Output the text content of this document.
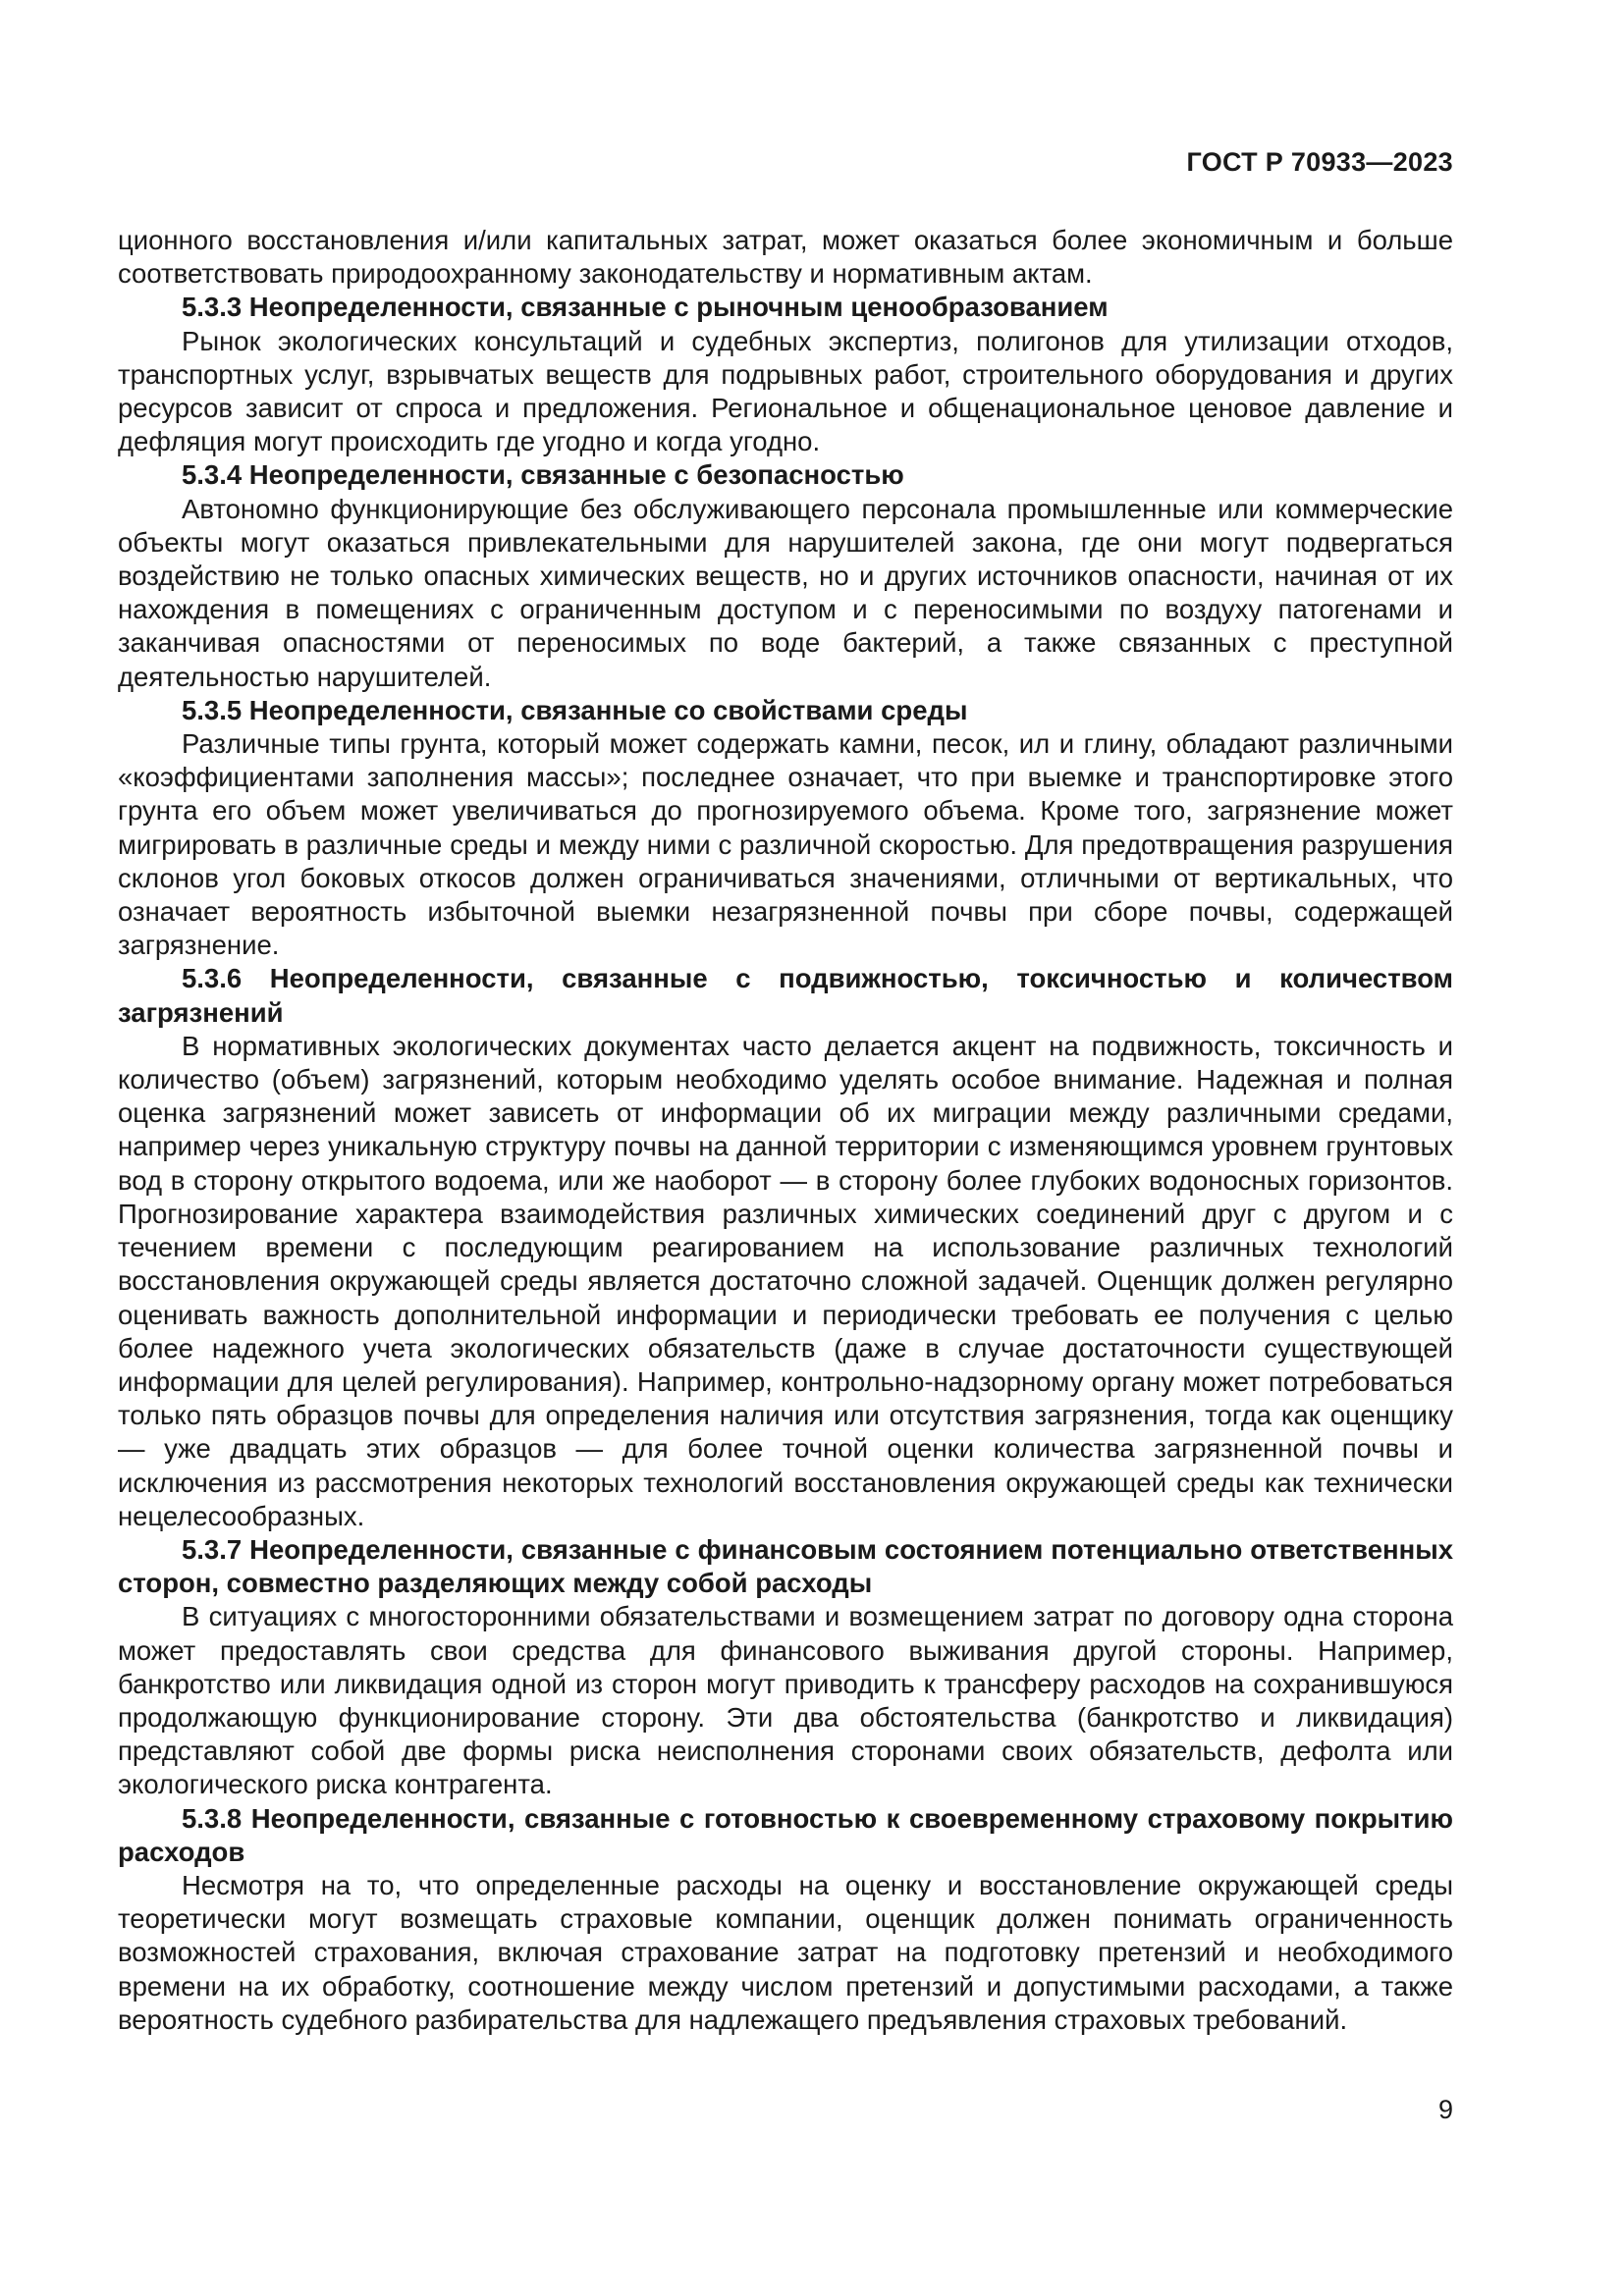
ГОСТ Р 70933—2023

ционного восстановления и/или капитальных затрат, может оказаться более экономичным и больше соответствовать природоохранному законодательству и нормативным актам.

5.3.3 Неопределенности, связанные с рыночным ценообразованием

Рынок экологических консультаций и судебных экспертиз, полигонов для утилизации отходов, транспортных услуг, взрывчатых веществ для подрывных работ, строительного оборудования и других ресурсов зависит от спроса и предложения. Региональное и общенациональное ценовое давление и дефляция могут происходить где угодно и когда угодно.

5.3.4 Неопределенности, связанные с безопасностью

Автономно функционирующие без обслуживающего персонала промышленные или коммерческие объекты могут оказаться привлекательными для нарушителей закона, где они могут подвергаться воздействию не только опасных химических веществ, но и других источников опасности, начиная от их нахождения в помещениях с ограниченным доступом и с переносимыми по воздуху патогенами и заканчивая опасностями от переносимых по воде бактерий, а также связанных с преступной деятельностью нарушителей.

5.3.5 Неопределенности, связанные со свойствами среды

Различные типы грунта, который может содержать камни, песок, ил и глину, обладают различными «коэффициентами заполнения массы»; последнее означает, что при выемке и транспортировке этого грунта его объем может увеличиваться до прогнозируемого объема. Кроме того, загрязнение может мигрировать в различные среды и между ними с различной скоростью. Для предотвращения разрушения склонов угол боковых откосов должен ограничиваться значениями, отличными от вертикальных, что означает вероятность избыточной выемки незагрязненной почвы при сборе почвы, содержащей загрязнение.

5.3.6 Неопределенности, связанные с подвижностью, токсичностью и количеством загрязнений

В нормативных экологических документах часто делается акцент на подвижность, токсичность и количество (объем) загрязнений, которым необходимо уделять особое внимание. Надежная и полная оценка загрязнений может зависеть от информации об их миграции между различными средами, например через уникальную структуру почвы на данной территории с изменяющимся уровнем грунтовых вод в сторону открытого водоема, или же наоборот — в сторону более глубоких водоносных горизонтов. Прогнозирование характера взаимодействия различных химических соединений друг с другом и с течением времени с последующим реагированием на использование различных технологий восстановления окружающей среды является достаточно сложной задачей. Оценщик должен регулярно оценивать важность дополнительной информации и периодически требовать ее получения с целью более надежного учета экологических обязательств (даже в случае достаточности существующей информации для целей регулирования). Например, контрольно-надзорному органу может потребоваться только пять образцов почвы для определения наличия или отсутствия загрязнения, тогда как оценщику — уже двадцать этих образцов — для более точной оценки количества загрязненной почвы и исключения из рассмотрения некоторых технологий восстановления окружающей среды как технически нецелесообразных.

5.3.7 Неопределенности, связанные с финансовым состоянием потенциально ответственных сторон, совместно разделяющих между собой расходы

В ситуациях с многосторонними обязательствами и возмещением затрат по договору одна сторона может предоставлять свои средства для финансового выживания другой стороны. Например, банкротство или ликвидация одной из сторон могут приводить к трансферу расходов на сохранившуюся продолжающую функционирование сторону. Эти два обстоятельства (банкротство и ликвидация) представляют собой две формы риска неисполнения сторонами своих обязательств, дефолта или экологического риска контрагента.

5.3.8 Неопределенности, связанные с готовностью к своевременному страховому покрытию расходов

Несмотря на то, что определенные расходы на оценку и восстановление окружающей среды теоретически могут возмещать страховые компании, оценщик должен понимать ограниченность возможностей страхования, включая страхование затрат на подготовку претензий и необходимого времени на их обработку, соотношение между числом претензий и допустимыми расходами, а также вероятность судебного разбирательства для надлежащего предъявления страховых требований.

9
